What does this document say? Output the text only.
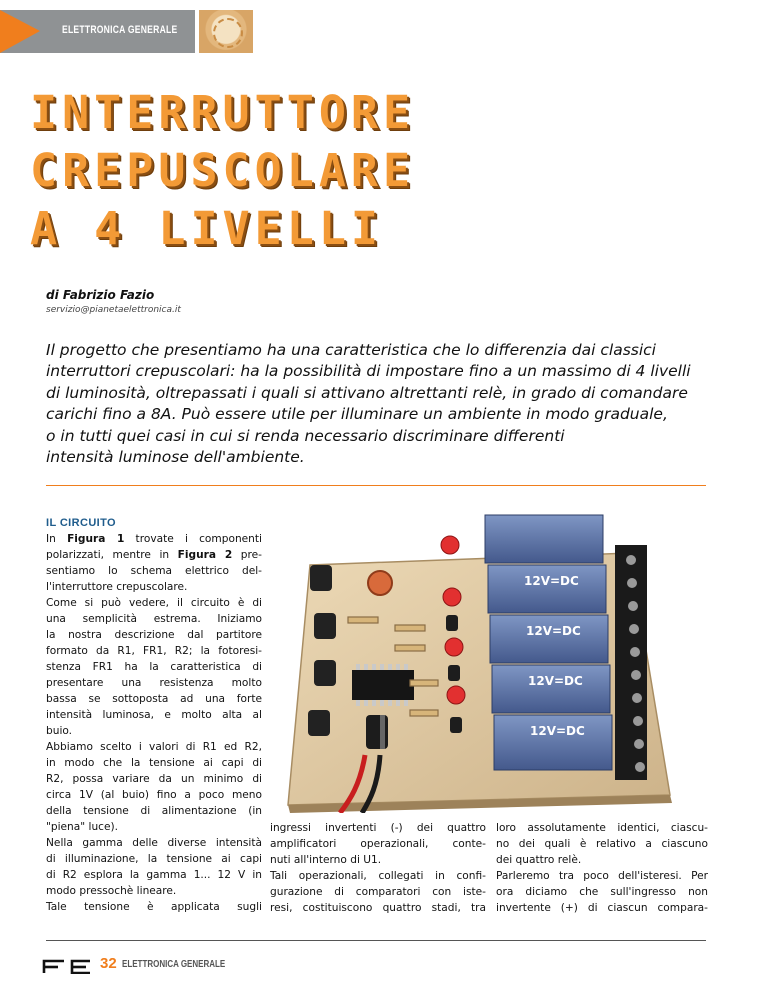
ELETTRONICA GENERALE
INTERRUTTORE
CREPUSCOLARE
A 4 LIVELLI
di Fabrizio Fazio
servizio@pianetaelettronica.it

Il progetto che presentiamo ha una caratteristica che lo differenzia dai classici
interruttori crepuscolari: ha la possibilità di impostare fino a un massimo di 4 livelli
di luminosità, oltrepassati i quali si attivano altrettanti relè, in grado di comandare
carichi fino a 8A. Può essere utile per illuminare un ambiente in modo graduale,
o in tutti quei casi in cui si renda necessario discriminare differenti
intensità luminose dell'ambiente.

IL CIRCUITO
In Figura 1 trovate i componenti
polarizzati, mentre in Figura 2 pre-
sentiamo lo schema elettrico del-
l'interruttore crepuscolare.
Come si può vedere, il circuito è di
una semplicità estrema. Iniziamo
la nostra descrizione dal partitore
formato da R1, FR1, R2; la fotoresi-
stenza FR1 ha la caratteristica di
presentare una resistenza molto
bassa se sottoposta ad una forte
intensità luminosa, e molto alta al
buio.
Abbiamo scelto i valori di R1 ed R2,
in modo che la tensione ai capi di
R2, possa variare da un minimo di
circa 1V (al buio) fino a poco meno
della tensione di alimentazione (in
"piena" luce).
Nella gamma delle diverse intensità
di illuminazione, la tensione ai capi
di R2 esplora la gamma 1... 12 V in
modo pressochè lineare.
Tale tensione è applicata sugli
12V=DC
12V=DC
12V=DC
12V=DC
ingressi invertenti (-) dei quattro
amplificatori operazionali, conte-
nuti all'interno di U1.
Tali operazionali, collegati in confi-
gurazione di comparatori con iste-
resi, costituiscono quattro stadi, tra
loro assolutamente identici, ciascu-
no dei quali è relativo a ciascuno
dei quattro relè.
Parleremo tra poco dell'isteresi. Per
ora diciamo che sull'ingresso non
invertente (+) di ciascun compara-
32 ELETTRONICA GENERALE
